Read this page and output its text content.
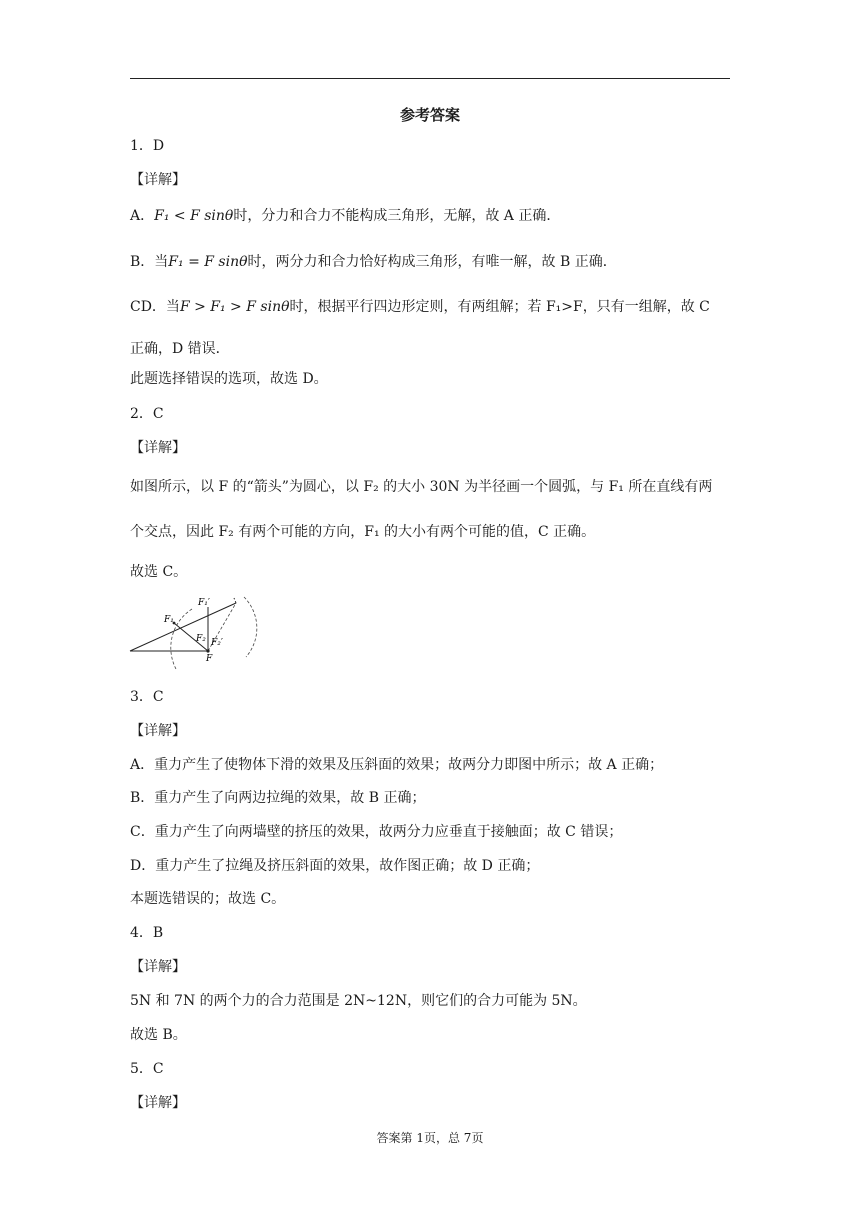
参考答案
1．D
【详解】
A．F₁ < F sinθ时，分力和合力不能构成三角形，无解，故 A 正确．
B．当F₁ = F sinθ时，两分力和合力恰好构成三角形，有唯一解，故 B 正确．
CD．当F > F₁ > F sinθ时，根据平行四边形定则，有两组解；若 F₁>F，只有一组解，故 C
正确，D 错误．
此题选择错误的选项，故选 D。
2．C
【详解】
如图所示，以 F 的“箭头”为圆心，以 F₂ 的大小 30N 为半径画一个圆弧，与 F₁ 所在直线有两
个交点，因此 F₂ 有两个可能的方向，F₁ 的大小有两个可能的值，C 正确。
故选 C。
F₁
F₁′
F₂ F₂′
F
3．C
【详解】
A．重力产生了使物体下滑的效果及压斜面的效果；故两分力即图中所示；故 A 正确；
B．重力产生了向两边拉绳的效果，故 B 正确；
C．重力产生了向两墙壁的挤压的效果，故两分力应垂直于接触面；故 C 错误；
D．重力产生了拉绳及挤压斜面的效果，故作图正确；故 D 正确；
本题选错误的；故选 C。
4．B
【详解】
5N 和 7N 的两个力的合力范围是 2N~12N，则它们的合力可能为 5N。
故选 B。
5．C
【详解】
答案第 1页，总 7页
